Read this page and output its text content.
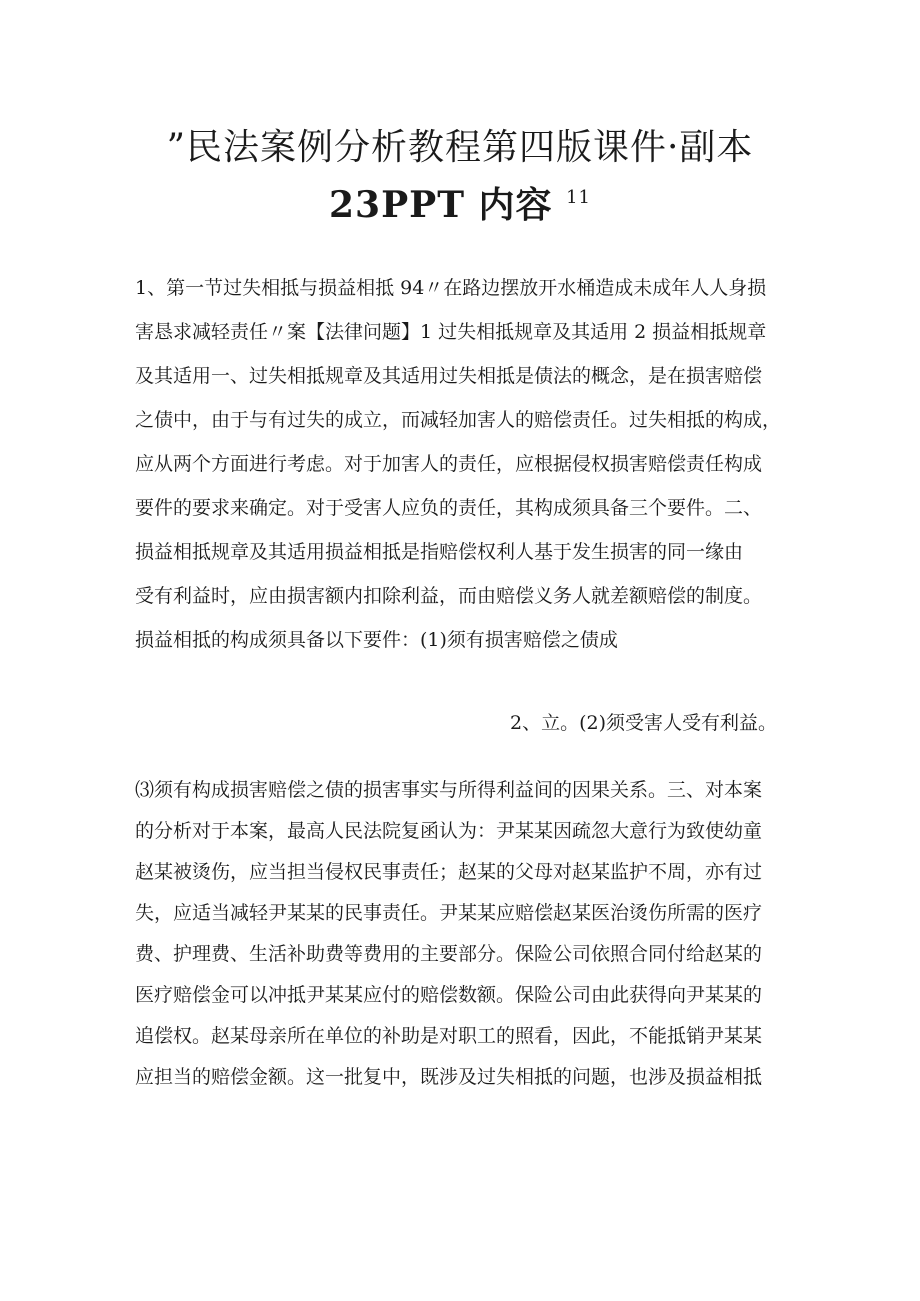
”民法案例分析教程第四版课件·副本
23PPT 内容 $^{11}$

1、第一节过失相抵与损益相抵 94〃在路边摆放开水桶造成未成年人人身损
害恳求减轻责任〃案【法律问题】1 过失相抵规章及其适用 2 损益相抵规章
及其适用一、过失相抵规章及其适用过失相抵是债法的概念，是在损害赔偿
之债中，由于与有过失的成立，而减轻加害人的赔偿责任。过失相抵的构成，
应从两个方面进行考虑。对于加害人的责任，应根据侵权损害赔偿责任构成
要件的要求来确定。对于受害人应负的责任，其构成须具备三个要件。二、
损益相抵规章及其适用损益相抵是指赔偿权利人基于发生损害的同一缘由
受有利益时，应由损害额内扣除利益，而由赔偿义务人就差额赔偿的制度。
损益相抵的构成须具备以下要件：(1)须有损害赔偿之债成

2、立。(2)须受害人受有利益。

⑶须有构成损害赔偿之债的损害事实与所得利益间的因果关系。三、对本案
的分析对于本案，最高人民法院复函认为：尹某某因疏忽大意行为致使幼童
赵某被烫伤，应当担当侵权民事责任；赵某的父母对赵某监护不周，亦有过
失，应适当减轻尹某某的民事责任。尹某某应赔偿赵某医治烫伤所需的医疗
费、护理费、生活补助费等费用的主要部分。保险公司依照合同付给赵某的
医疗赔偿金可以冲抵尹某某应付的赔偿数额。保险公司由此获得向尹某某的
追偿权。赵某母亲所在单位的补助是对职工的照看，因此，不能抵销尹某某
应担当的赔偿金额。这一批复中，既涉及过失相抵的问题，也涉及损益相抵
